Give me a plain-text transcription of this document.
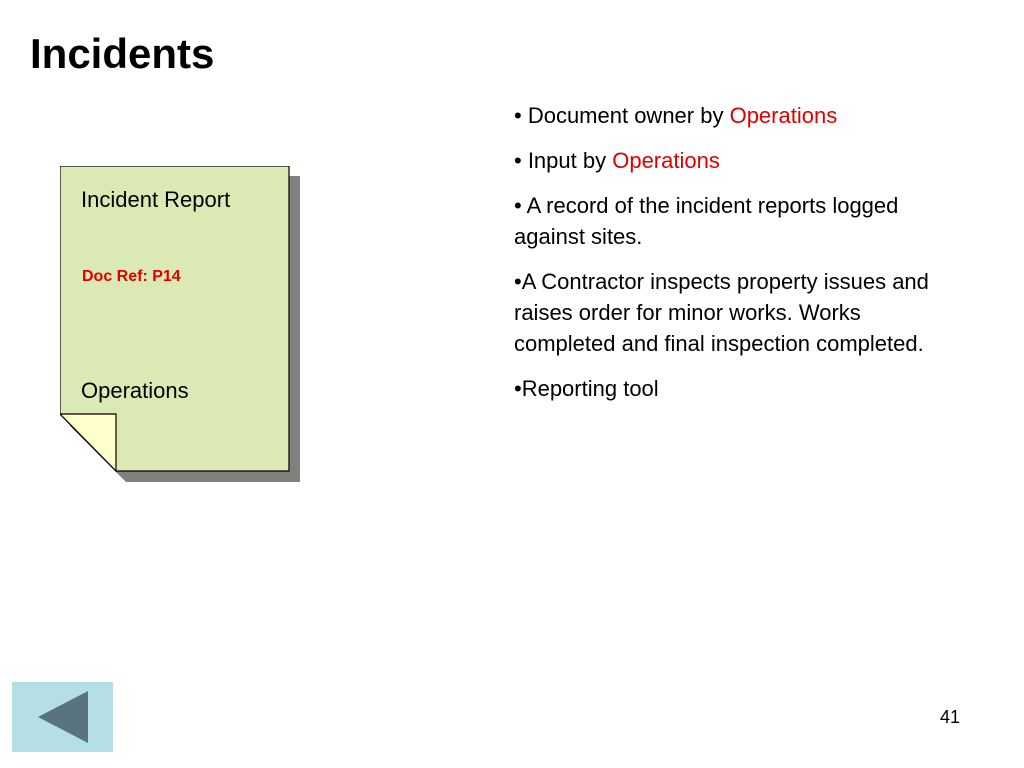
Incidents
Incident Report
Doc Ref: P14
Operations

• Document owner by Operations

• Input by Operations

• A record of the incident reports logged against sites.

•A Contractor inspects property issues and raises order for minor works. Works completed and final inspection completed.

•Reporting tool

41
